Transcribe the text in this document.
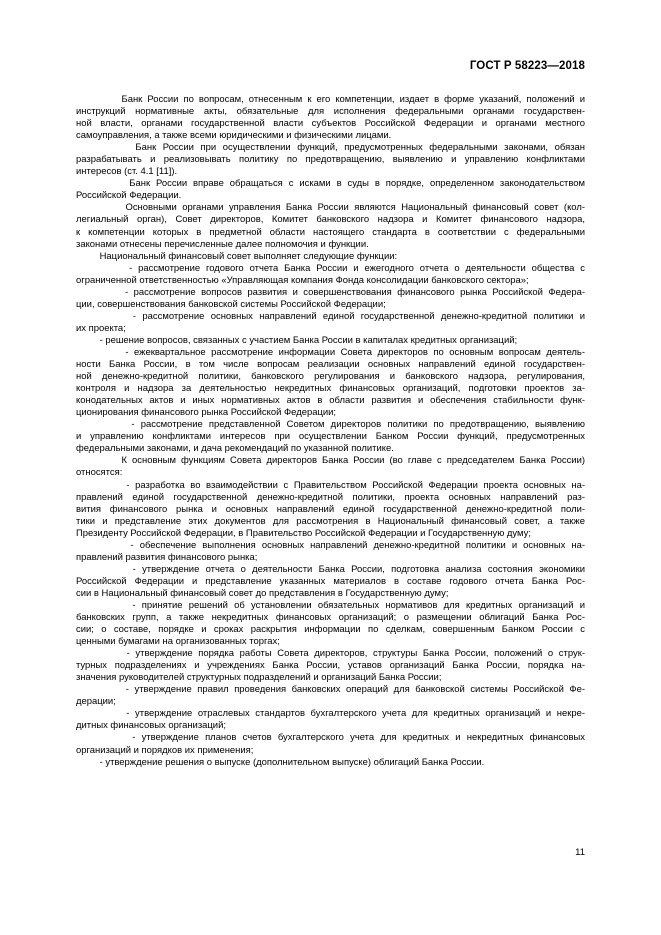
ГОСТ Р 58223—2018
Банк России по вопросам, отнесенным к его компетенции, издает в форме указаний, положений и
инструкций нормативные акты, обязательные для исполнения федеральными органами государствен-
ной власти, органами государственной власти субъектов Российской Федерации и органами местного
самоуправления, а также всеми юридическими и физическими лицами.
Банк России при осуществлении функций, предусмотренных федеральными законами, обязан
разрабатывать и реализовывать политику по предотвращению, выявлению и управлению конфликтами
интересов (ст. 4.1 [11]).
Банк России вправе обращаться с исками в суды в порядке, определенном законодательством
Российской Федерации.
Основными органами управления Банка России являются Национальный финансовый совет (кол-
легиальный орган), Совет директоров, Комитет банковского надзора и Комитет финансового надзора,
к компетенции которых в предметной области настоящего стандарта в соответствии с федеральными
законами отнесены перечисленные далее полномочия и функции.
Национальный финансовый совет выполняет следующие функции:
- рассмотрение годового отчета Банка России и ежегодного отчета о деятельности общества с
ограниченной ответственностью «Управляющая компания Фонда консолидации банковского сектора»;
- рассмотрение вопросов развития и совершенствования финансового рынка Российской Федера-
ции, совершенствования банковской системы Российской Федерации;
- рассмотрение основных направлений единой государственной денежно-кредитной политики и
их проекта;
- решение вопросов, связанных с участием Банка России в капиталах кредитных организаций;
- ежеквартальное рассмотрение информации Совета директоров по основным вопросам деятель-
ности Банка России, в том числе вопросам реализации основных направлений единой государствен-
ной денежно-кредитной политики, банковского регулирования и банковского надзора, регулирования,
контроля и надзора за деятельностью некредитных финансовых организаций, подготовки проектов за-
конодательных актов и иных нормативных актов в области развития и обеспечения стабильности функ-
ционирования финансового рынка Российской Федерации;
- рассмотрение представленной Советом директоров политики по предотвращению, выявлению
и управлению конфликтами интересов при осуществлении Банком России функций, предусмотренных
федеральными законами, и дача рекомендаций по указанной политике.
К основным функциям Совета директоров Банка России (во главе с председателем Банка России)
относятся:
- разработка во взаимодействии с Правительством Российской Федерации проекта основных на-
правлений единой государственной денежно-кредитной политики, проекта основных направлений раз-
вития финансового рынка и основных направлений единой государственной денежно-кредитной поли-
тики и представление этих документов для рассмотрения в Национальный финансовый совет, а также
Президенту Российской Федерации, в Правительство Российской Федерации и Государственную думу;
- обеспечение выполнения основных направлений денежно-кредитной политики и основных на-
правлений развития финансового рынка;
- утверждение отчета о деятельности Банка России, подготовка анализа состояния экономики
Российской Федерации и представление указанных материалов в составе годового отчета Банка Рос-
сии в Национальный финансовый совет до представления в Государственную думу;
- принятие решений об установлении обязательных нормативов для кредитных организаций и
банковских групп, а также некредитных финансовых организаций; о размещении облигаций Банка Рос-
сии; о составе, порядке и сроках раскрытия информации по сделкам, совершенным Банком России с
ценными бумагами на организованных торгах;
- утверждение порядка работы Совета директоров, структуры Банка России, положений о струк-
турных подразделениях и учреждениях Банка России, уставов организаций Банка России, порядка на-
значения руководителей структурных подразделений и организаций Банка России;
- утверждение правил проведения банковских операций для банковской системы Российской Фе-
дерации;
- утверждение отраслевых стандартов бухгалтерского учета для кредитных организаций и некре-
дитных финансовых организаций;
- утверждение планов счетов бухгалтерского учета для кредитных и некредитных финансовых
организаций и порядков их применения;
- утверждение решения о выпуске (дополнительном выпуске) облигаций Банка России.
11
